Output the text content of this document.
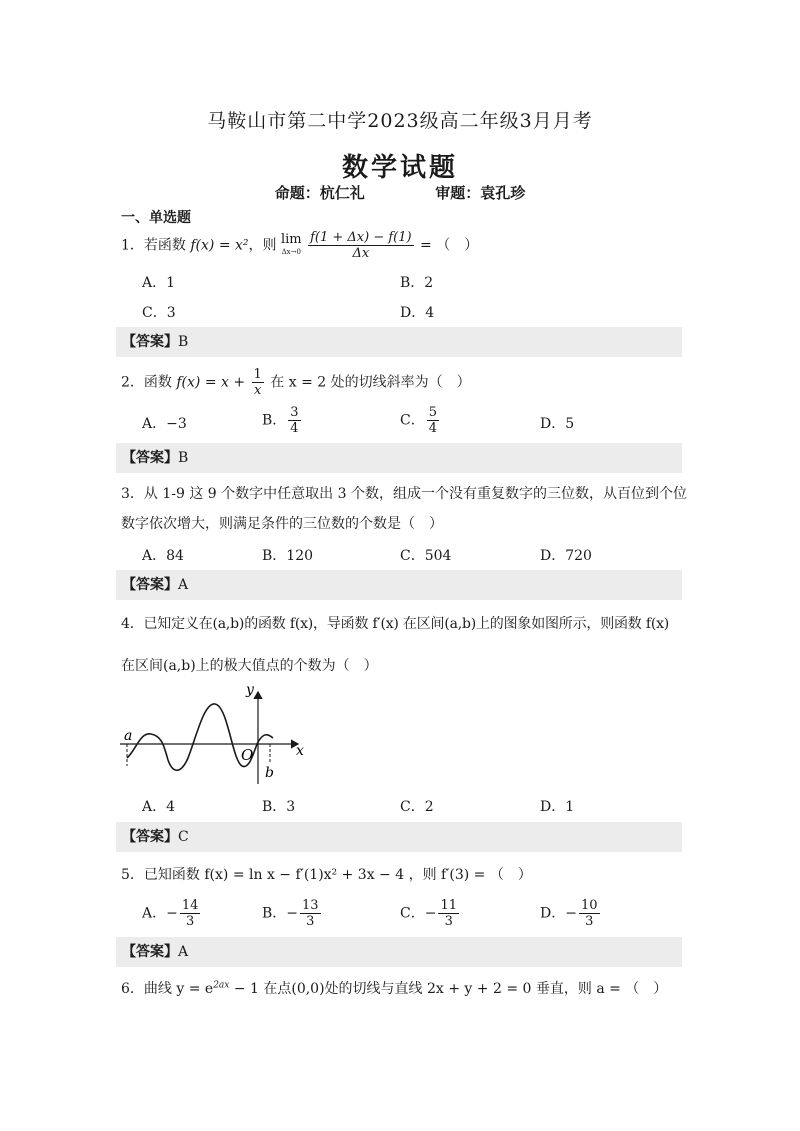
马鞍山市第二中学2023级高二年级3月月考
数学试题
命题：杭仁礼	审题：袁孔珍
一、单选题
1．若函数 f(x) = x²，则 lim
Δx→0
$\frac{f(1 + \Delta x) - f(1)}{\Delta x}$ = （　）
A．1	B．2
C．3	D．4
【答案】B
2．函数 $f(x) = x + \frac{1}{x}$ 在 x = 2 处的切线斜率为（　）
A．−3	B． $\frac{3}{4}$	C． $\frac{5}{4}$	D．5
【答案】B
3．从 1-9 这 9 个数字中任意取出 3 个数，组成一个没有重复数字的三位数，从百位到个位
数字依次增大，则满足条件的三位数的个数是（　）
A．84	B．120	C．504	D．720
【答案】A
4．已知定义在(a,b)的函数 f(x)，导函数 f′(x) 在区间(a,b)上的图象如图所示，则函数 f(x)
在区间(a,b)上的极大值点的个数为（　）
a
O
b
y
x
A．4	B．3	C．2	D．1
【答案】C
5．已知函数 f(x) = ln x − f′(1)x² + 3x − 4 ，则 f′(3) = （　）
A．− $\frac{14}{3}$	B．− $\frac{13}{3}$	C．− $\frac{11}{3}$	D．− $\frac{10}{3}$
【答案】A
6．曲线 $y = e^{2ax} - 1$ 在点(0,0)处的切线与直线 2x + y + 2 = 0 垂直，则 a = （　）
